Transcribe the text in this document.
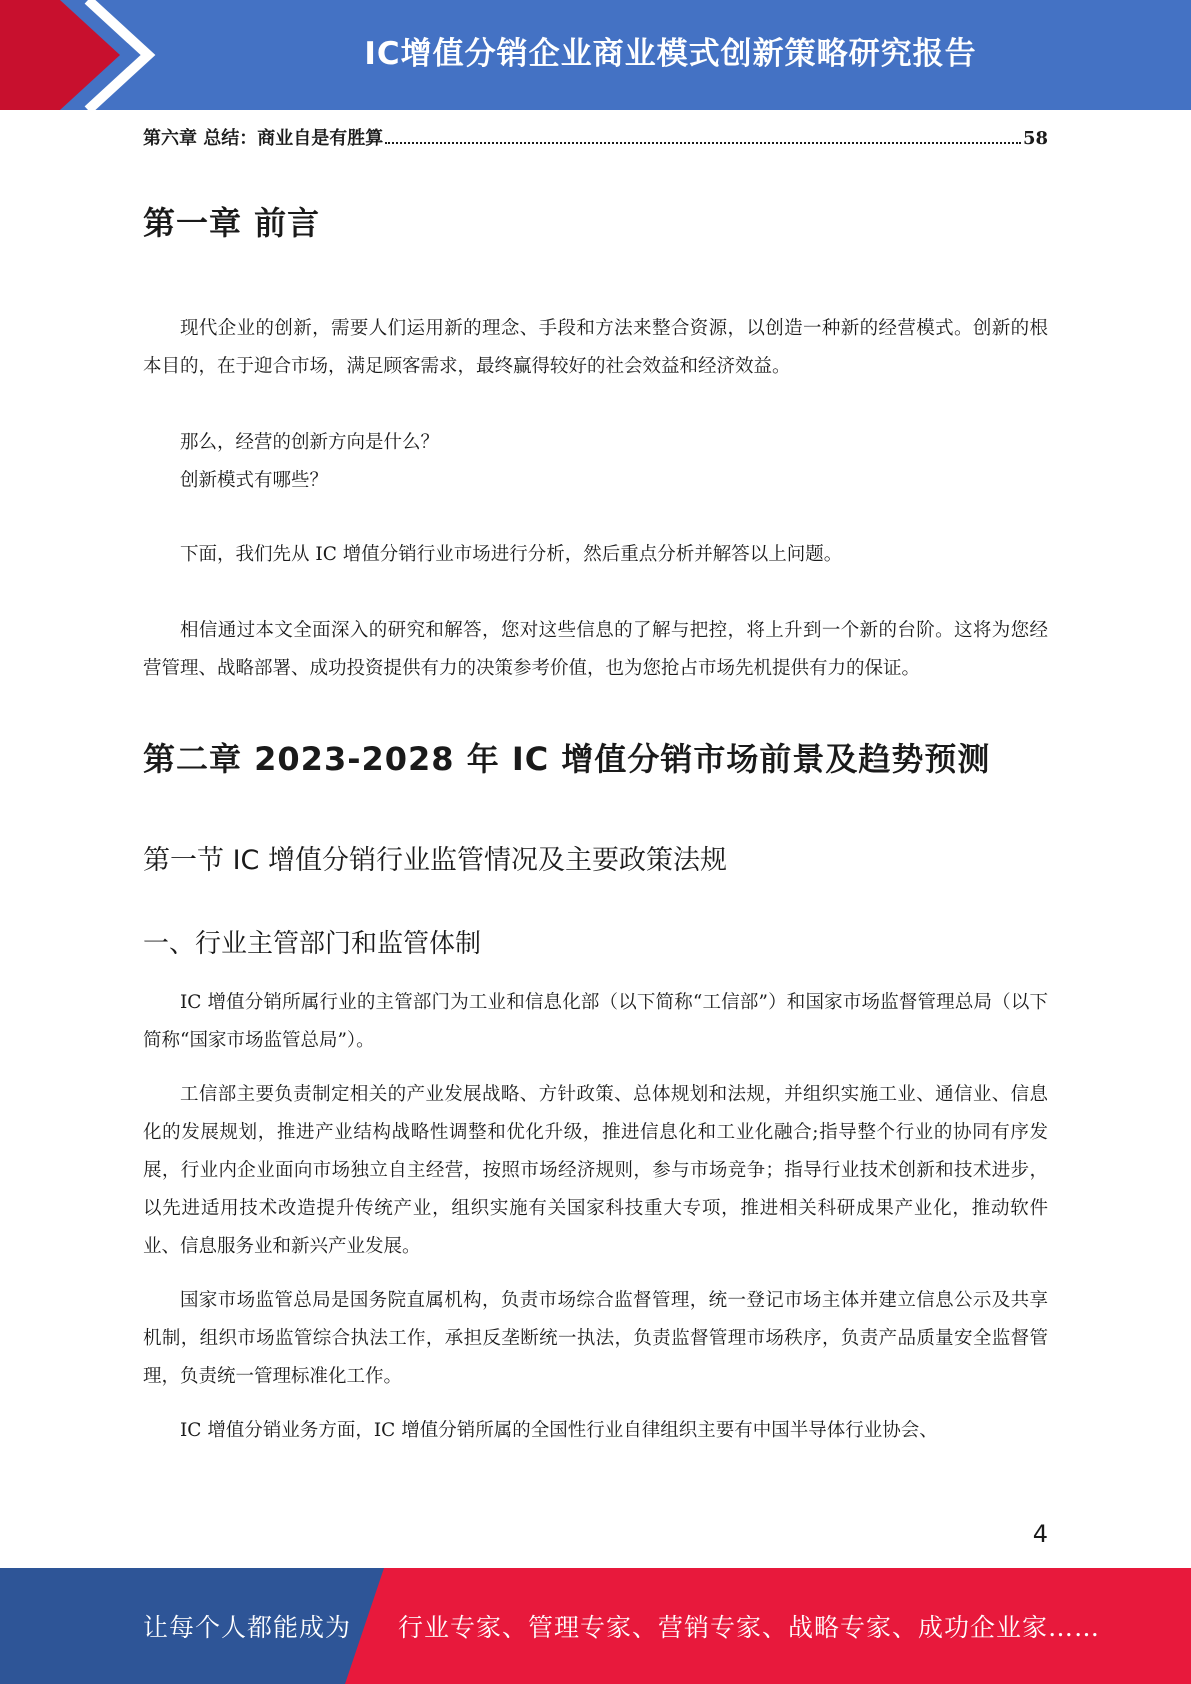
IC增值分销企业商业模式创新策略研究报告
第六章 总结：商业自是有胜算	58
第一章 前言

现代企业的创新，需要人们运用新的理念、手段和方法来整合资源，以创造一种新的经营模式。创新的根本目的，在于迎合市场，满足顾客需求，最终赢得较好的社会效益和经济效益。

那么，经营的创新方向是什么？

创新模式有哪些？

下面，我们先从 IC 增值分销行业市场进行分析，然后重点分析并解答以上问题。

相信通过本文全面深入的研究和解答，您对这些信息的了解与把控，将上升到一个新的台阶。这将为您经营管理、战略部署、成功投资提供有力的决策参考价值，也为您抢占市场先机提供有力的保证。

第二章 2023-2028 年 IC 增值分销市场前景及趋势预测
第一节 IC 增值分销行业监管情况及主要政策法规
一、行业主管部门和监管体制

IC 增值分销所属行业的主管部门为工业和信息化部（以下简称“工信部”）和国家市场监督管理总局（以下简称“国家市场监管总局”）。

工信部主要负责制定相关的产业发展战略、方针政策、总体规划和法规，并组织实施工业、通信业、信息化的发展规划，推进产业结构战略性调整和优化升级，推进信息化和工业化融合;指导整个行业的协同有序发展，行业内企业面向市场独立自主经营，按照市场经济规则，参与市场竞争；指导行业技术创新和技术进步，以先进适用技术改造提升传统产业，组织实施有关国家科技重大专项，推进相关科研成果产业化，推动软件业、信息服务业和新兴产业发展。

国家市场监管总局是国务院直属机构，负责市场综合监督管理，统一登记市场主体并建立信息公示及共享机制，组织市场监管综合执法工作，承担反垄断统一执法，负责监督管理市场秩序，负责产品质量安全监督管理，负责统一管理标准化工作。

IC 增值分销业务方面，IC 增值分销所属的全国性行业自律组织主要有中国半导体行业协会、

4
让每个人都能成为 行业专家、管理专家、营销专家、战略专家、成功企业家……
